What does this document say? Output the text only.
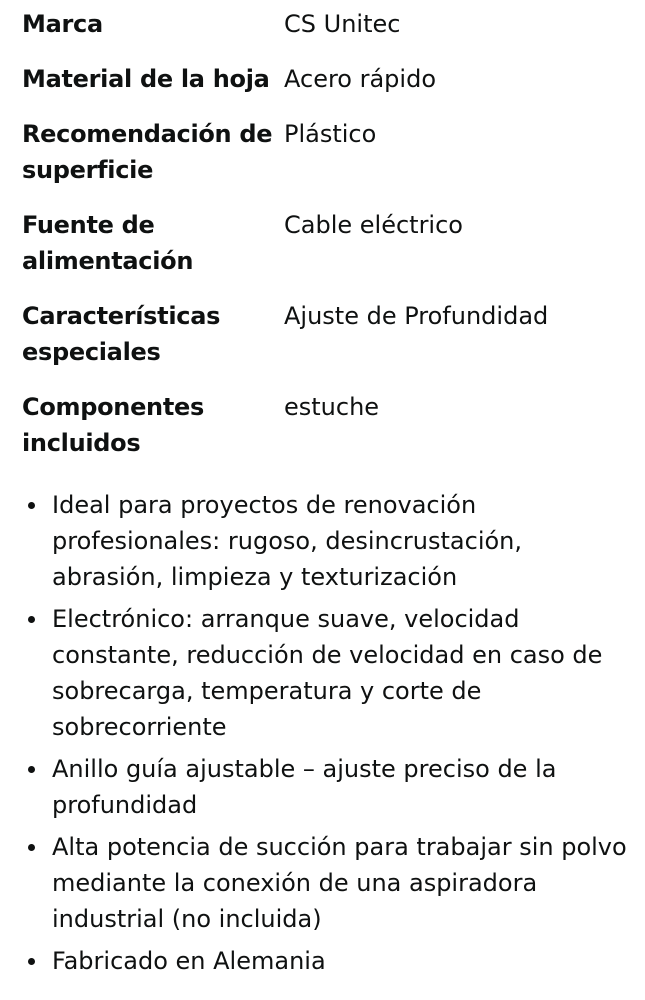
Marca	CS Unitec
Material de la hoja	Acero rápido
Recomendación de superficie	Plástico
Fuente de alimentación	Cable eléctrico
Características especiales	Ajuste de Profundidad
Componentes incluidos	estuche
Ideal para proyectos de renovación profesionales: rugoso, desincrustación, abrasión, limpieza y texturización
Electrónico: arranque suave, velocidad constante, reducción de velocidad en caso de sobrecarga, temperatura y corte de sobrecorriente
Anillo guía ajustable – ajuste preciso de la profundidad
Alta potencia de succión para trabajar sin polvo mediante la conexión de una aspiradora industrial (no incluida)
Fabricado en Alemania
